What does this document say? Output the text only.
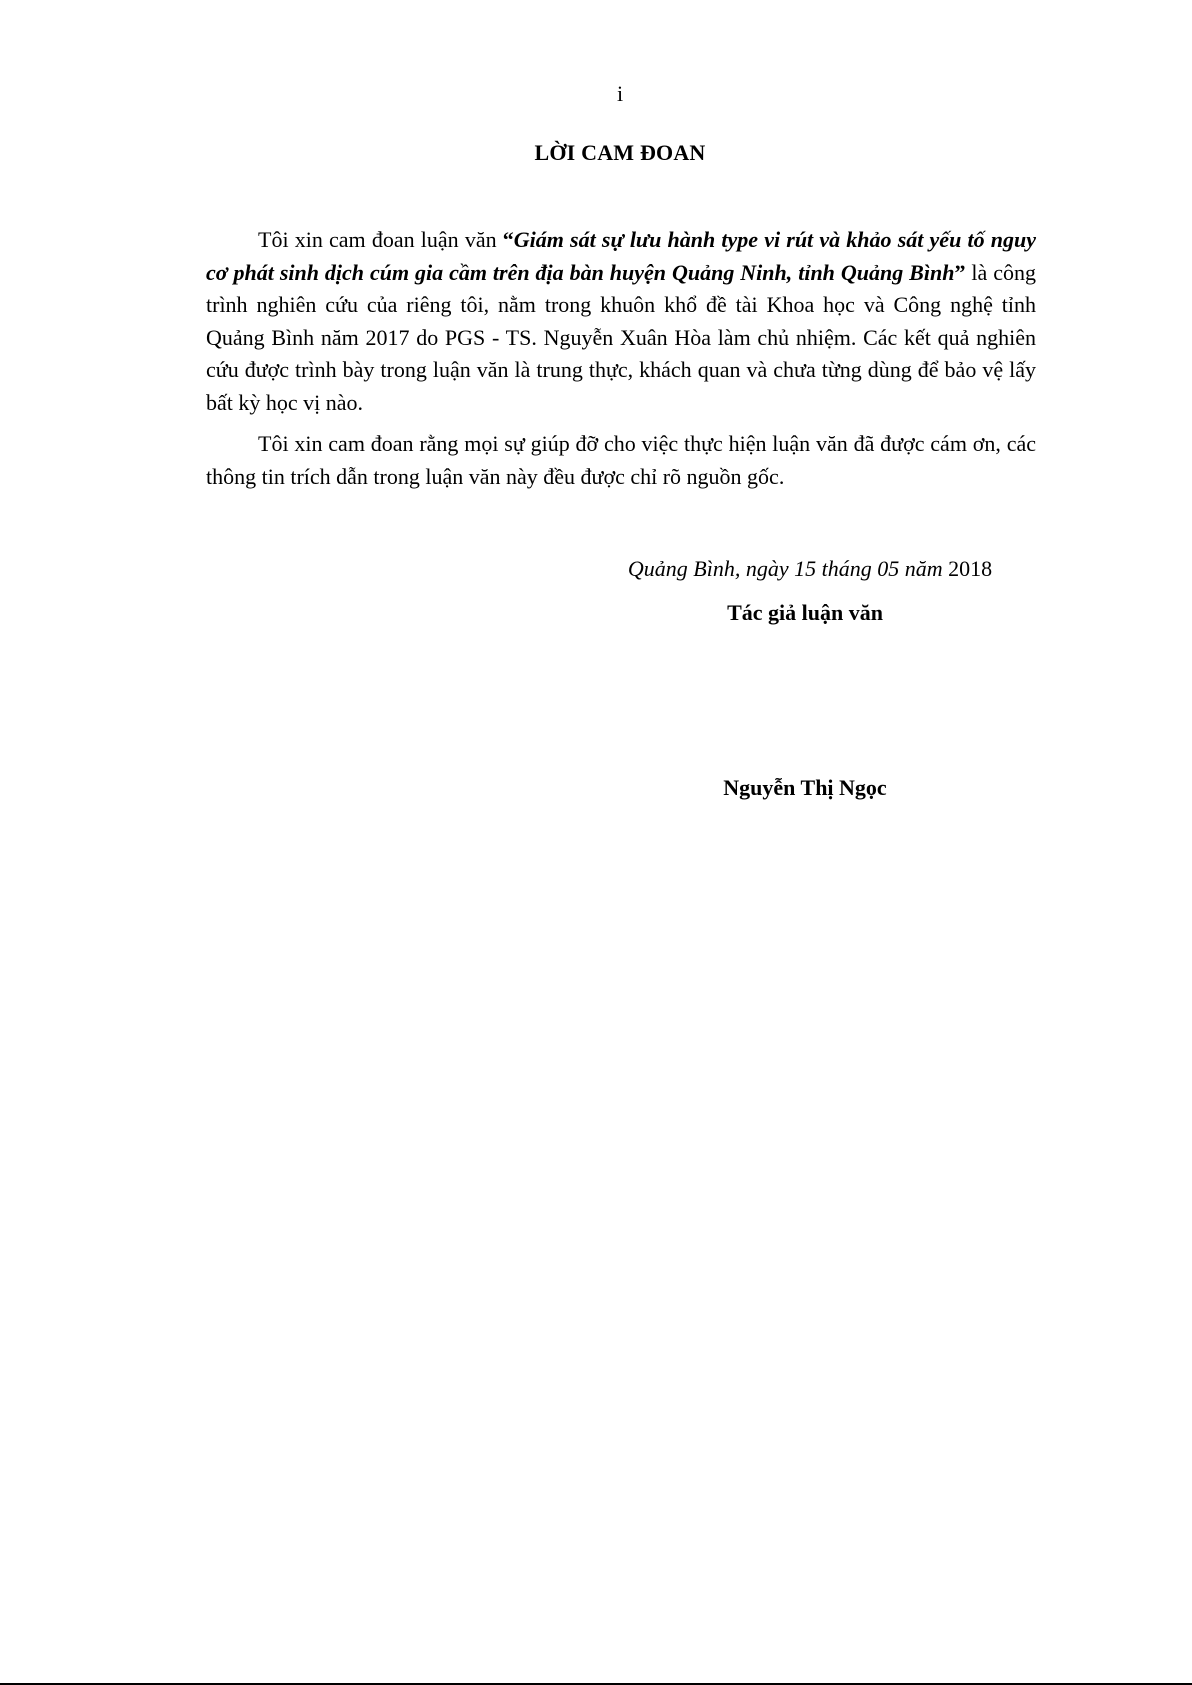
i
LỜI CAM ĐOAN

Tôi xin cam đoan luận văn “Giám sát sự lưu hành type vi rút và khảo sát yếu tố nguy cơ phát sinh dịch cúm gia cầm trên địa bàn huyện Quảng Ninh, tỉnh Quảng Bình” là công trình nghiên cứu của riêng tôi, nằm trong khuôn khổ đề tài Khoa học và Công nghệ tỉnh Quảng Bình năm 2017 do PGS - TS. Nguyễn Xuân Hòa làm chủ nhiệm. Các kết quả nghiên cứu được trình bày trong luận văn là trung thực, khách quan và chưa từng dùng để bảo vệ lấy bất kỳ học vị nào.

Tôi xin cam đoan rằng mọi sự giúp đỡ cho việc thực hiện luận văn đã được cám ơn, các thông tin trích dẫn trong luận văn này đều được chỉ rõ nguồn gốc.

Quảng Bình, ngày 15 tháng 05 năm 2018
Tác giả luận văn
Nguyễn Thị Ngọc
